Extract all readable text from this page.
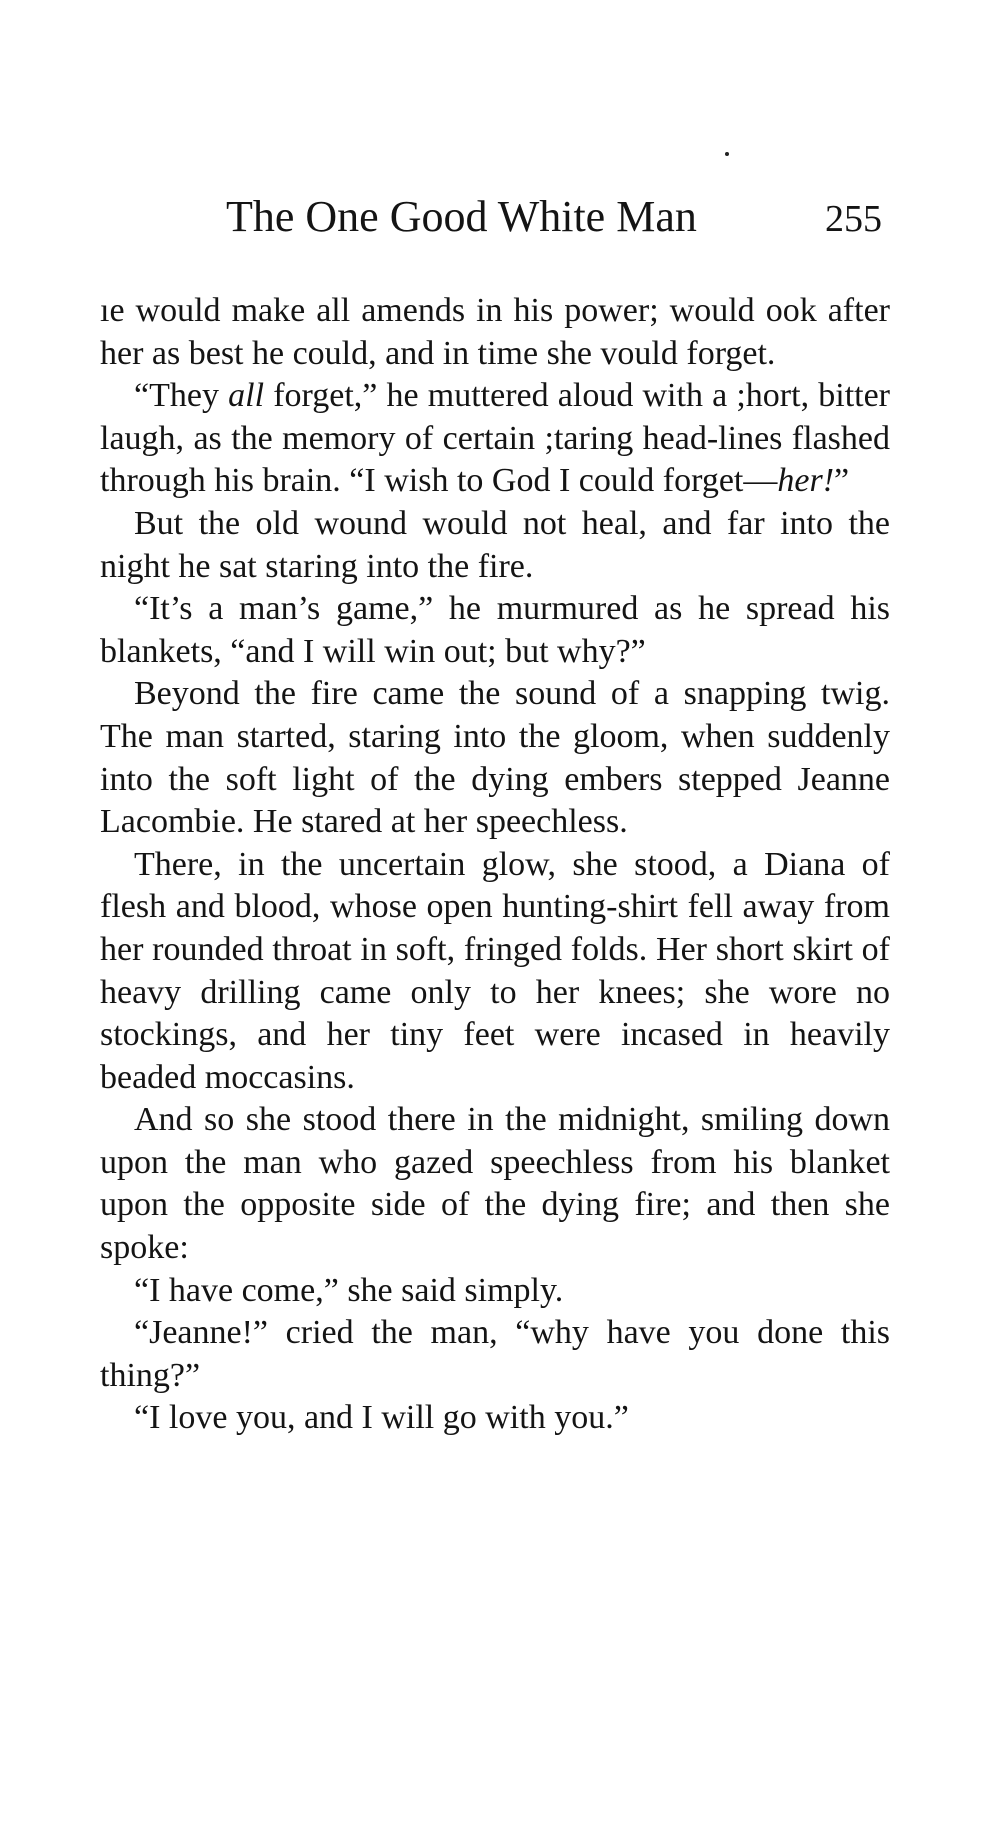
The One Good White Man	255

ıe would make all amends in his power; would ook after her as best he could, and in time she vould forget.

“They all forget,” he muttered aloud with a ;hort, bitter laugh, as the memory of certain ;taring head-lines flashed through his brain. “I wish to God I could forget—her!”

But the old wound would not heal, and far into the night he sat staring into the fire.

“It’s a man’s game,” he murmured as he spread his blankets, “and I will win out; but why?”

Beyond the fire came the sound of a snapping twig. The man started, staring into the gloom, when suddenly into the soft light of the dying embers stepped Jeanne Lacombie. He stared at her speechless.

There, in the uncertain glow, she stood, a Diana of flesh and blood, whose open hunting-shirt fell away from her rounded throat in soft, fringed folds. Her short skirt of heavy drilling came only to her knees; she wore no stockings, and her tiny feet were incased in heavily beaded moccasins.

And so she stood there in the midnight, smiling down upon the man who gazed speechless from his blanket upon the opposite side of the dying fire; and then she spoke:

“I have come,” she said simply.

“Jeanne!” cried the man, “why have you done this thing?”

“I love you, and I will go with you.”
